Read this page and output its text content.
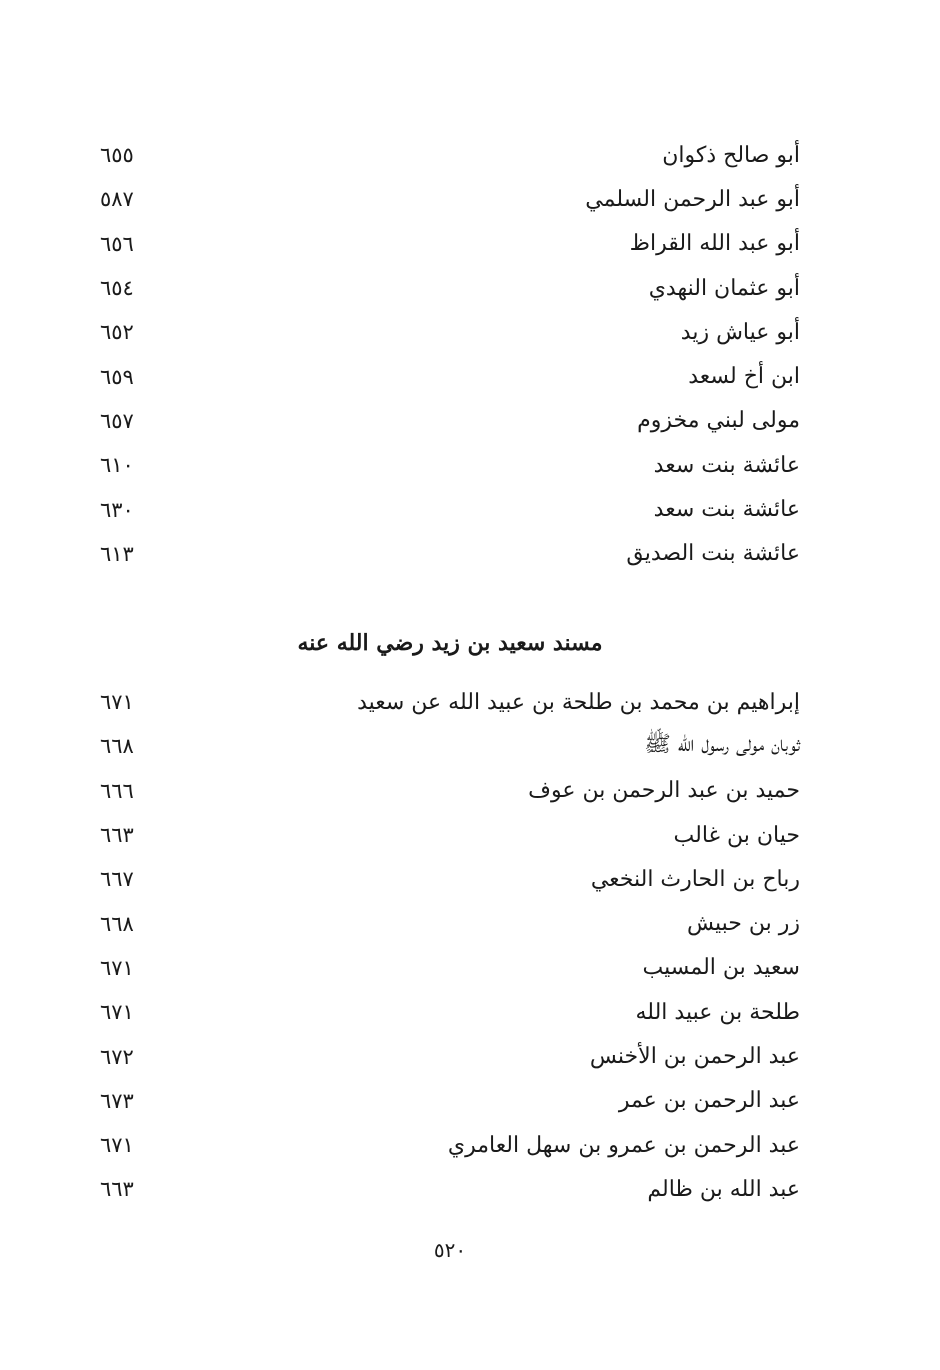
٦٥٥	أبو صالح ذكوان
٥٨٧	أبو عبد الرحمن السلمي
٦٥٦	أبو عبد الله القراظ
٦٥٤	أبو عثمان النهدي
٦٥٢	أبو عياش زيد
٦٥٩	ابن أخ لسعد
٦٥٧	مولى لبني مخزوم
٦١٠	عائشة بنت سعد
٦٣٠	عائشة بنت سعد
٦١٣	عائشة بنت الصديق
مسند سعيد بن زيد رضي الله عنه
٦٧١	إبراهيم بن محمد بن طلحة بن عبيد الله عن سعيد
٦٦٨	ثوبان مولى رسول الله ﷺ
٦٦٦	حميد بن عبد الرحمن بن عوف
٦٦٣	حيان بن غالب
٦٦٧	رباح بن الحارث النخعي
٦٦٨	زر بن حبيش
٦٧١	سعيد بن المسيب
٦٧١	طلحة بن عبيد الله
٦٧٢	عبد الرحمن بن الأخنس
٦٧٣	عبد الرحمن بن عمر
٦٧١	عبد الرحمن بن عمرو بن سهل العامري
٦٦٣	عبد الله بن ظالم
٥٢٠
